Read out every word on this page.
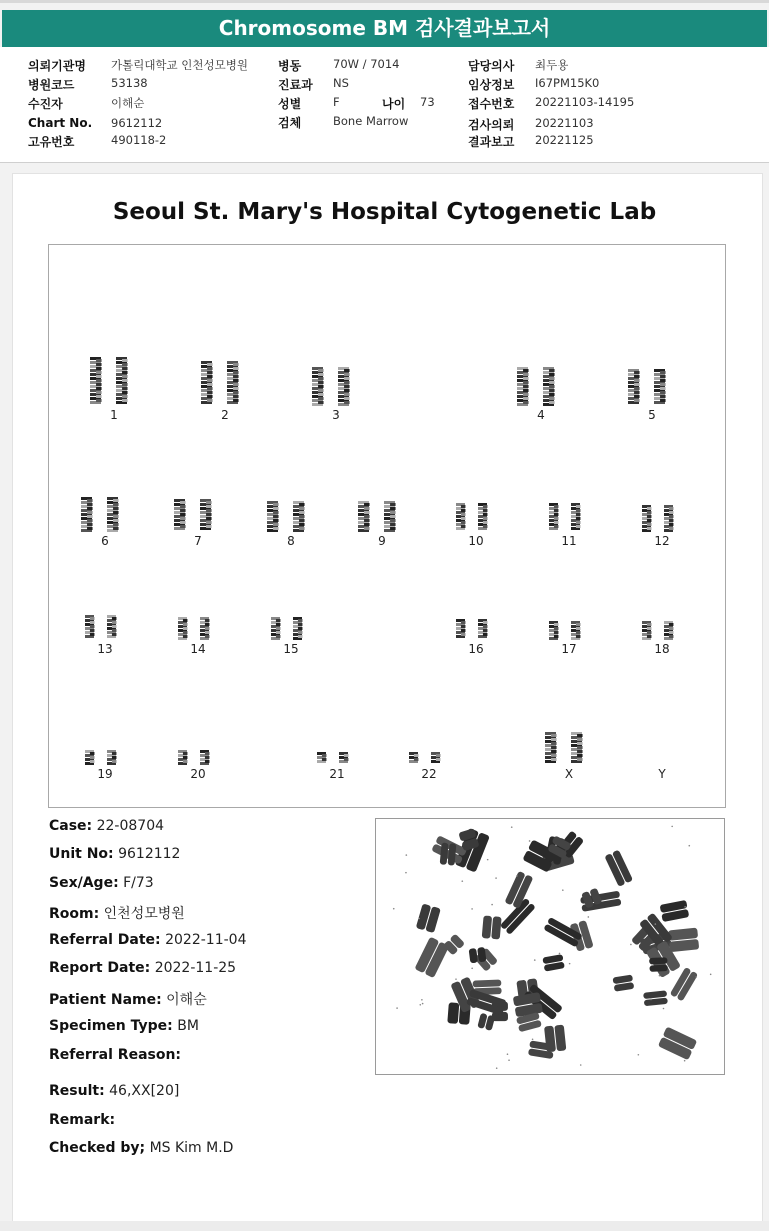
Chromosome BM 검사결과보고서
의뢰기관명 가톨릭대학교 인천성모병원
병원코드	53138
수진자	이해순
Chart No. 9612112
고유번호	490118-2
병동	70W / 7014
진료과 NS
성별	F	나이 73
검체	Bone Marrow
담당의사 최두용
임상정보 I67PM15K0
접수번호 20221103-14195
검사의뢰 20221103
결과보고 20221125
Seoul St. Mary's Hospital Cytogenetic Lab
1	2	3	4	5
6	7	8	9	10	11	12
13	14	15	16	17	18
19	20	21	22	X	Y
Case: 22-08704
Unit No: 9612112
Sex/Age: F/73
Room: 인천성모병원
Referral Date: 2022-11-04
Report Date: 2022-11-25
Patient Name: 이해순
Specimen Type: BM
Referral Reason:
Result: 46,XX[20]
Remark:
Checked by; MS Kim M.D
